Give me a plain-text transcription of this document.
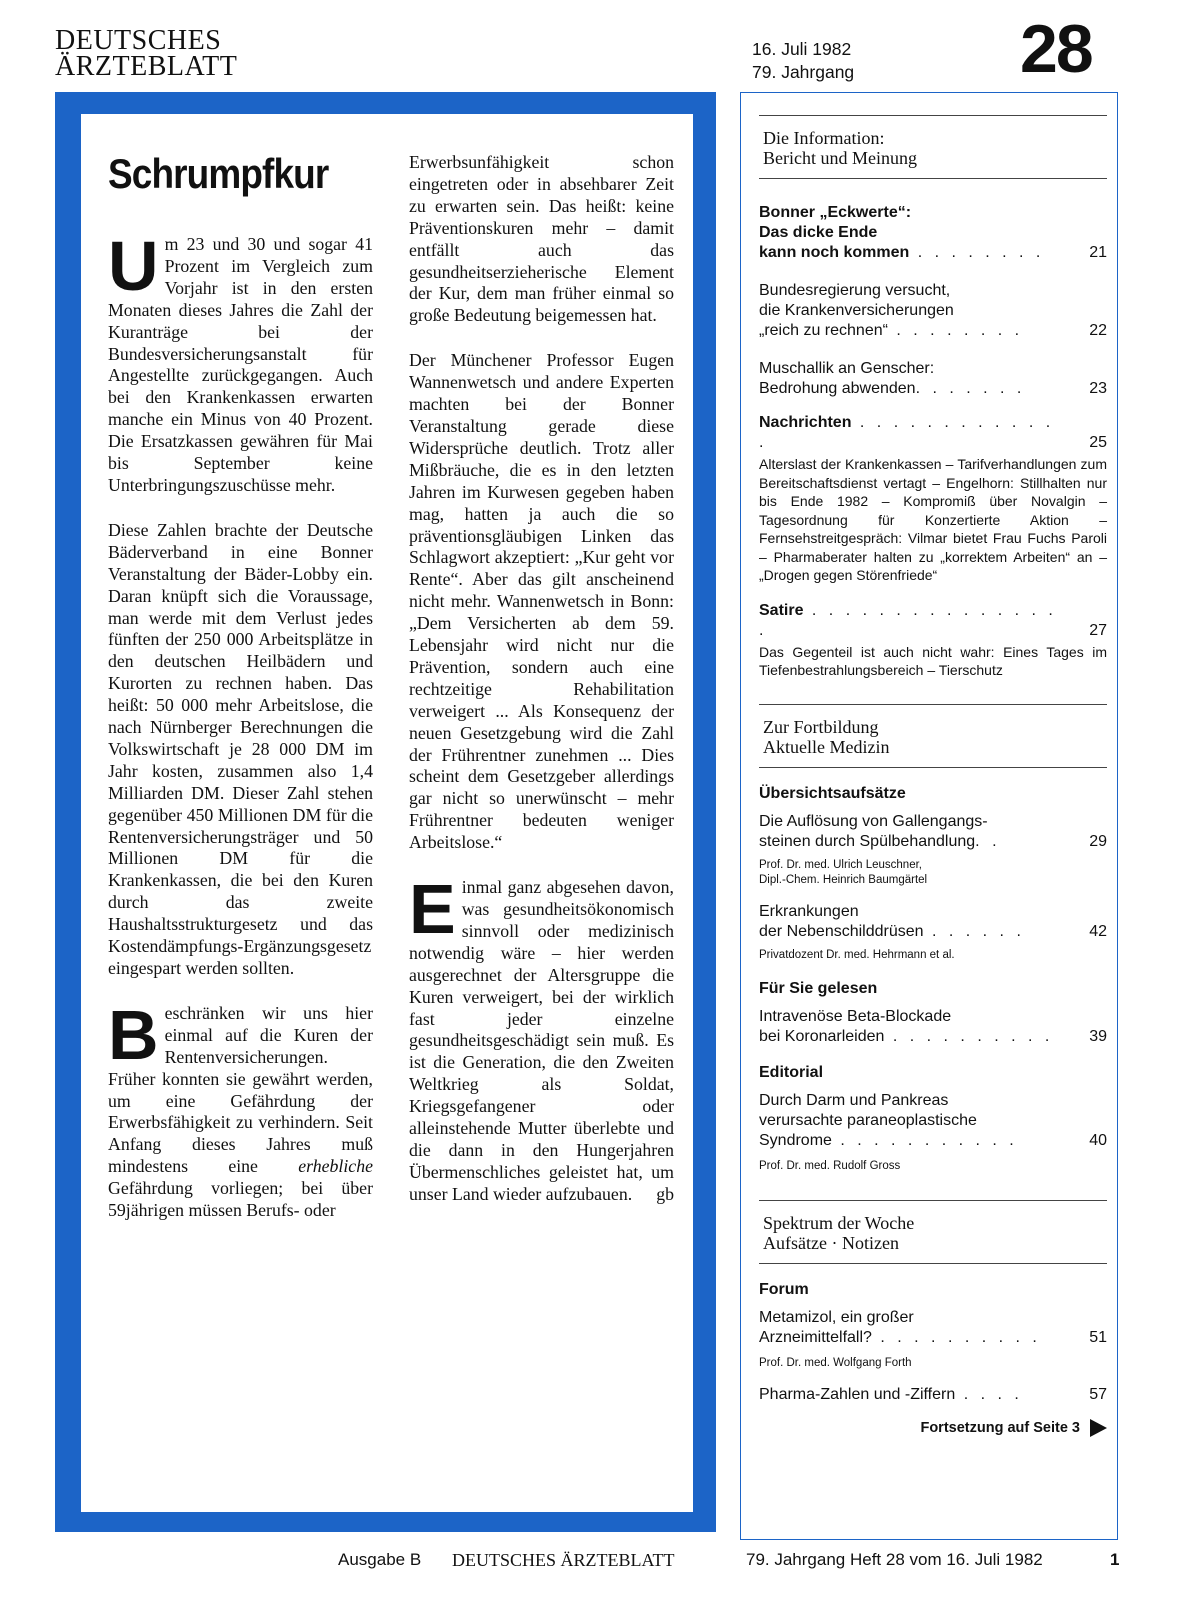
DEUTSCHES
ÄRZTEBLATT
16. Juli 1982
79. Jahrgang 28
Schrumpfkur

Um 23 und 30 und sogar 41 Prozent im Vergleich zum Vorjahr ist in den ersten Monaten dieses Jahres die Zahl der Kuranträge bei der Bundesversicherungsanstalt für Angestellte zurückgegangen. Auch bei den Krankenkassen erwarten manche ein Minus von 40 Prozent. Die Ersatzkassen gewähren für Mai bis September keine Unterbringungszuschüsse mehr.

Diese Zahlen brachte der Deutsche Bäderverband in eine Bonner Veranstaltung der Bäder-Lobby ein. Daran knüpft sich die Voraussage, man werde mit dem Verlust jedes fünften der 250 000 Arbeitsplätze in den deutschen Heilbädern und Kurorten zu rechnen haben. Das heißt: 50 000 mehr Arbeitslose, die nach Nürnberger Berechnungen die Volkswirtschaft je 28 000 DM im Jahr kosten, zusammen also 1,4 Milliarden DM. Dieser Zahl stehen gegenüber 450 Millionen DM für die Rentenversicherungsträger und 50 Millionen DM für die Krankenkassen, die bei den Kuren durch das zweite Haushaltsstrukturgesetz und das Kostendämpfungs-Ergänzungsgesetz eingespart werden sollten.

Beschränken wir uns hier einmal auf die Kuren der Rentenversicherungen. Früher konnten sie gewährt werden, um eine Gefährdung der Erwerbsfähigkeit zu verhindern. Seit Anfang dieses Jahres muß mindestens eine erhebliche Gefährdung vorliegen; bei über 59jährigen müssen Berufs- oder

Erwerbsunfähigkeit schon eingetreten oder in absehbarer Zeit zu erwarten sein. Das heißt: keine Präventionskuren mehr – damit entfällt auch das gesundheitserzieherische Element der Kur, dem man früher einmal so große Bedeutung beigemessen hat.

Der Münchener Professor Eugen Wannenwetsch und andere Experten machten bei der Bonner Veranstaltung gerade diese Widersprüche deutlich. Trotz aller Mißbräuche, die es in den letzten Jahren im Kurwesen gegeben haben mag, hatten ja auch die so präventionsgläubigen Linken das Schlagwort akzeptiert: „Kur geht vor Rente“. Aber das gilt anscheinend nicht mehr. Wannenwetsch in Bonn: „Dem Versicherten ab dem 59. Lebensjahr wird nicht nur die Prävention, sondern auch eine rechtzeitige Rehabilitation verweigert ... Als Konsequenz der neuen Gesetzgebung wird die Zahl der Frührentner zunehmen ... Dies scheint dem Gesetzgeber allerdings gar nicht so unerwünscht – mehr Frührentner bedeuten weniger Arbeitslose.“

Einmal ganz abgesehen davon, was gesundheitsökonomisch sinnvoll oder medizinisch notwendig wäre – hier werden ausgerechnet der Altersgruppe die Kuren verweigert, bei der wirklich fast jeder einzelne gesundheitsgeschädigt sein muß. Es ist die Generation, die den Zweiten Weltkrieg als Soldat, Kriegsgefangener oder alleinstehende Mutter überlebte und die dann in den Hungerjahren Übermenschliches geleistet hat, um unser Land wieder aufzubauen. gb

Die Information:
Bericht und Meinung
Bonner „Eckwerte“:
Das dicke Ende
kann noch kommen . . . . . . . .	21
Bundesregierung versucht,
die Krankenversicherungen
„reich zu rechnen“ . . . . . . . .	22
Muschallik an Genscher:
Bedrohung abwenden. . . . . . .	23
Nachrichten . . . . . . . . . . . . .	25
Alterslast der Krankenkassen – Tarifverhandlungen zum Bereitschaftsdienst vertagt – Engelhorn: Stillhalten nur bis Ende 1982 – Kompromiß über Novalgin – Tagesordnung für Konzertierte Aktion – Fernsehstreitgespräch: Vilmar bietet Frau Fuchs Paroli – Pharmaberater halten zu „korrektem Arbeiten“ an – „Drogen gegen Störenfriede“
Satire . . . . . . . . . . . . . . . .	27
Das Gegenteil ist auch nicht wahr: Eines Tages im Tiefenbestrahlungsbereich – Tierschutz
Zur Fortbildung
Aktuelle Medizin
Übersichtsaufsätze
Die Auflösung von Gallengangs-
steinen durch Spülbehandlung. .	29
Prof. Dr. med. Ulrich Leuschner,
Dipl.-Chem. Heinrich Baumgärtel
Erkrankungen
der Nebenschilddrüsen . . . . . .	42
Privatdozent Dr. med. Hehrmann et al.
Für Sie gelesen
Intravenöse Beta-Blockade
bei Koronarleiden . . . . . . . . . .	39
Editorial
Durch Darm und Pankreas
verursachte paraneoplastische
Syndrome . . . . . . . . . . .	40
Prof. Dr. med. Rudolf Gross
Spektrum der Woche
Aufsätze · Notizen
Forum
Metamizol, ein großer
Arzneimittelfall? . . . . . . . . . .	51
Prof. Dr. med. Wolfgang Forth
Pharma-Zahlen und -Ziffern . . . .	57
Fortsetzung auf Seite 3
Ausgabe B DEUTSCHES ÄRZTEBLATT	79. Jahrgang Heft 28 vom 16. Juli 1982	1
